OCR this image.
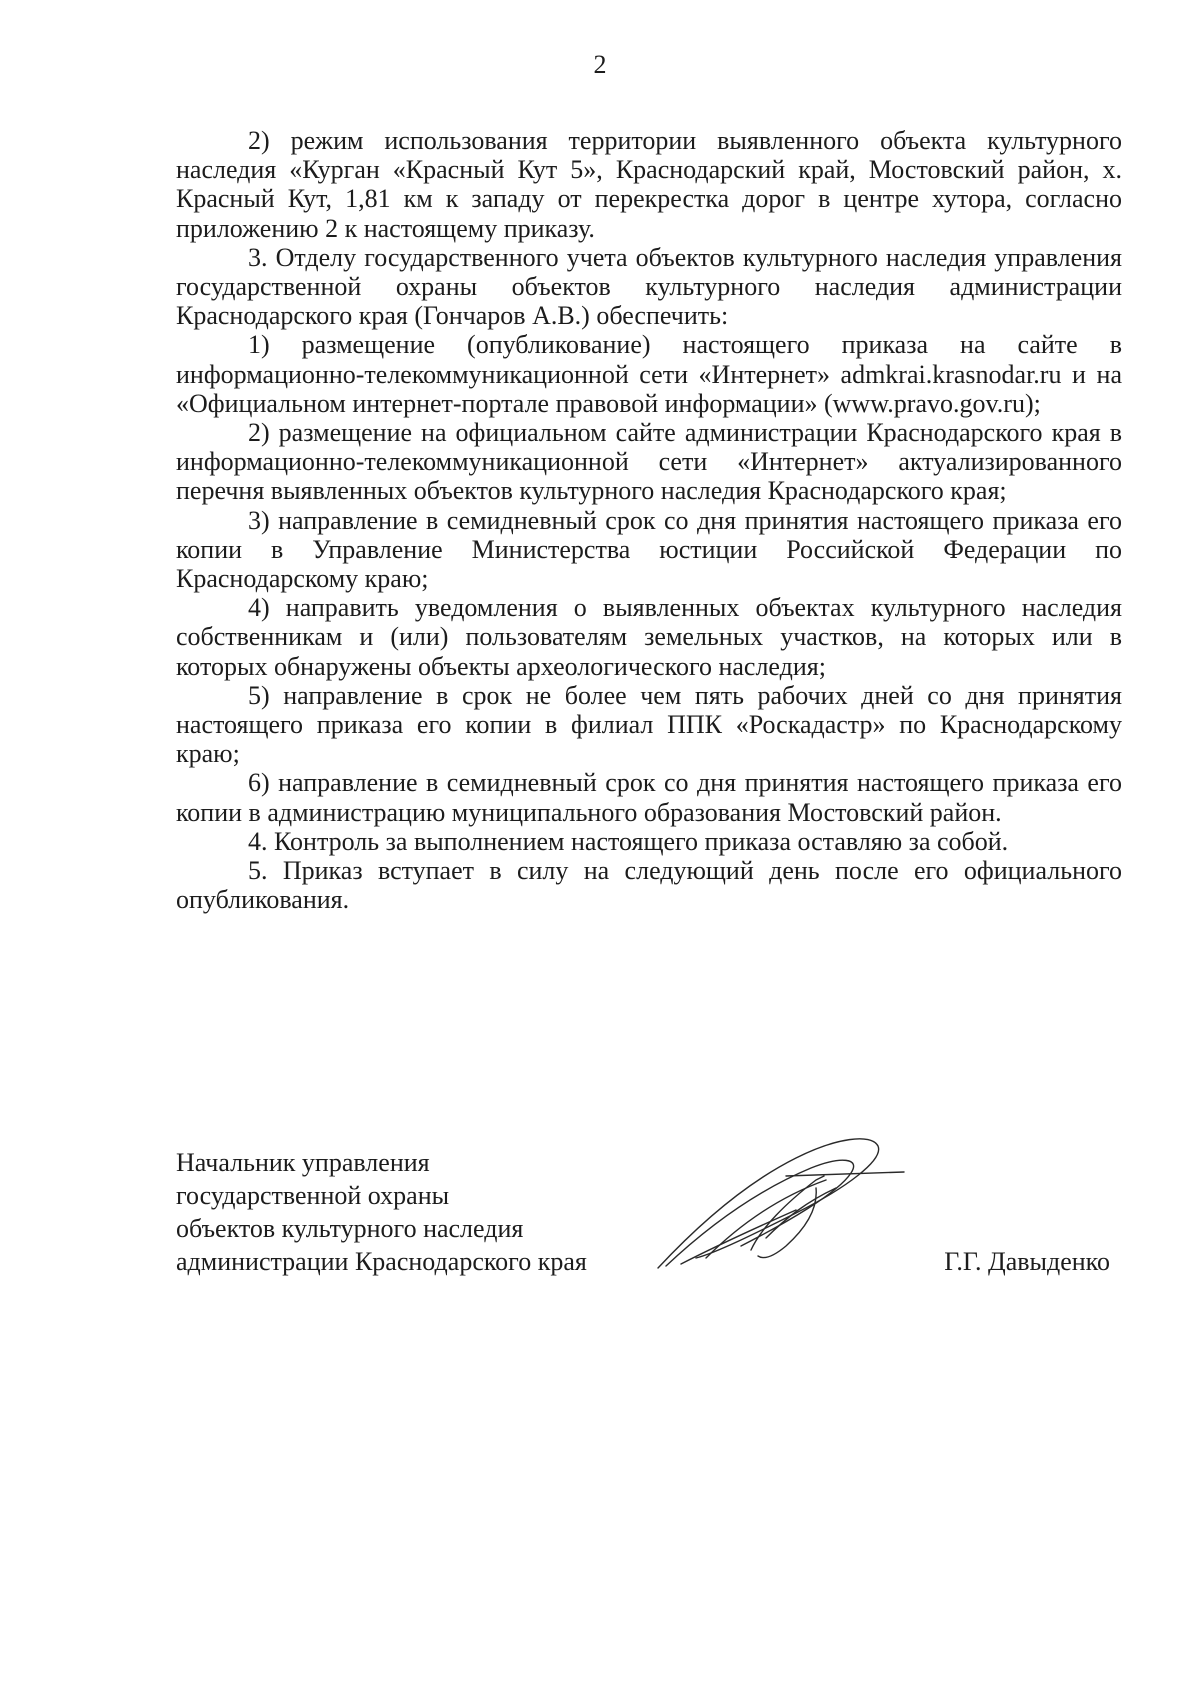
2

2) режим использования территории выявленного объекта культурного наследия «Курган «Красный Кут 5», Краснодарский край, Мостовский район, х. Красный Кут, 1,81 км к западу от перекрестка дорог в центре хутора, согласно приложению 2 к настоящему приказу.

3. Отделу государственного учета объектов культурного наследия управления государственной охраны объектов культурного наследия администрации Краснодарского края (Гончаров А.В.) обеспечить:

1) размещение (опубликование) настоящего приказа на сайте в информационно-телекоммуникационной сети «Интернет» admkrai.krasnodar.ru и на «Официальном интернет-портале правовой информации» (www.pravo.gov.ru);

2) размещение на официальном сайте администрации Краснодарского края в информационно-телекоммуникационной сети «Интернет» актуализированного перечня выявленных объектов культурного наследия Краснодарского края;

3) направление в семидневный срок со дня принятия настоящего приказа его копии в Управление Министерства юстиции Российской Федерации по Краснодарскому краю;

4) направить уведомления о выявленных объектах культурного наследия собственникам и (или) пользователям земельных участков, на которых или в которых обнаружены объекты археологического наследия;

5) направление в срок не более чем пять рабочих дней со дня принятия настоящего приказа его копии в филиал ППК «Роскадастр» по Краснодарскому краю;

6) направление в семидневный срок со дня принятия настоящего приказа его копии в администрацию муниципального образования Мостовский район.

4. Контроль за выполнением настоящего приказа оставляю за собой.

5. Приказ вступает в силу на следующий день после его официального опубликования.

Начальник управления
государственной охраны
объектов культурного наследия
администрации Краснодарского края	Г.Г. Давыденко
